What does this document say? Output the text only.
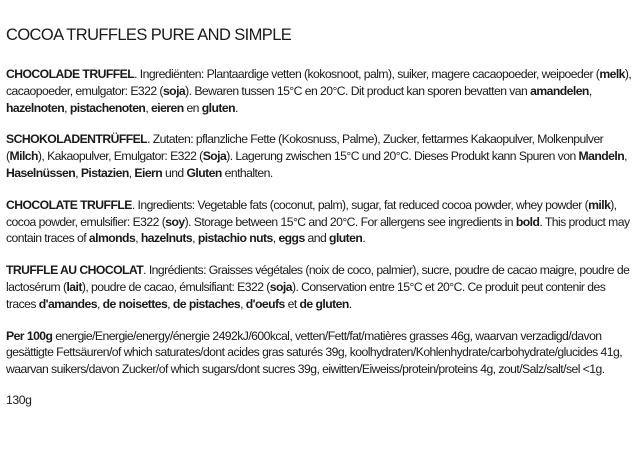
COCOA TRUFFLES PURE AND SIMPLE
CHOCOLADE TRUFFEL. Ingrediënten: Plantaardige vetten (kokosnoot, palm), suiker, magere cacaopoeder, weipoeder (melk), cacaopoeder, emulgator: E322 (soja). Bewaren tussen 15°C en 20°C. Dit product kan sporen bevatten van amandelen, hazelnoten, pistachenoten, eieren en gluten.
SCHOKOLADENTRÜFFEL. Zutaten: pflanzliche Fette (Kokosnuss, Palme), Zucker, fettarmes Kakaopulver, Molkenpulver (Milch), Kakaopulver, Emulgator: E322 (Soja). Lagerung zwischen 15°C und 20°C. Dieses Produkt kann Spuren von Mandeln, Haselnüssen, Pistazien, Eiern und Gluten enthalten.
CHOCOLATE TRUFFLE. Ingredients: Vegetable fats (coconut, palm), sugar, fat reduced cocoa powder, whey powder (milk), cocoa powder, emulsifier: E322 (soy). Storage between 15°C and 20°C. For allergens see ingredients in bold. This product may contain traces of almonds, hazelnuts, pistachio nuts, eggs and gluten.
TRUFFLE AU CHOCOLAT. Ingrédients: Graisses végétales (noix de coco, palmier), sucre, poudre de cacao maigre, poudre de lactosérum (lait), poudre de cacao, émulsifiant: E322 (soja). Conservation entre 15°C et 20°C. Ce produit peut contenir des traces d'amandes, de noisettes, de pistaches, d'oeufs et de gluten.
Per 100g energie/Energie/energy/énergie 2492kJ/600kcal, vetten/Fett/fat/matières grasses 46g, waarvan verzadigd/davon gesättigte Fettsäuren/of which saturates/dont acides gras saturés 39g, koolhydraten/Kohlenhydrate/carbohydrate/glucides 41g, waarvan suikers/davon Zucker/of which sugars/dont sucres 39g, eiwitten/Eiweiss/protein/proteins 4g, zout/Salz/salt/sel <1g.
130g
